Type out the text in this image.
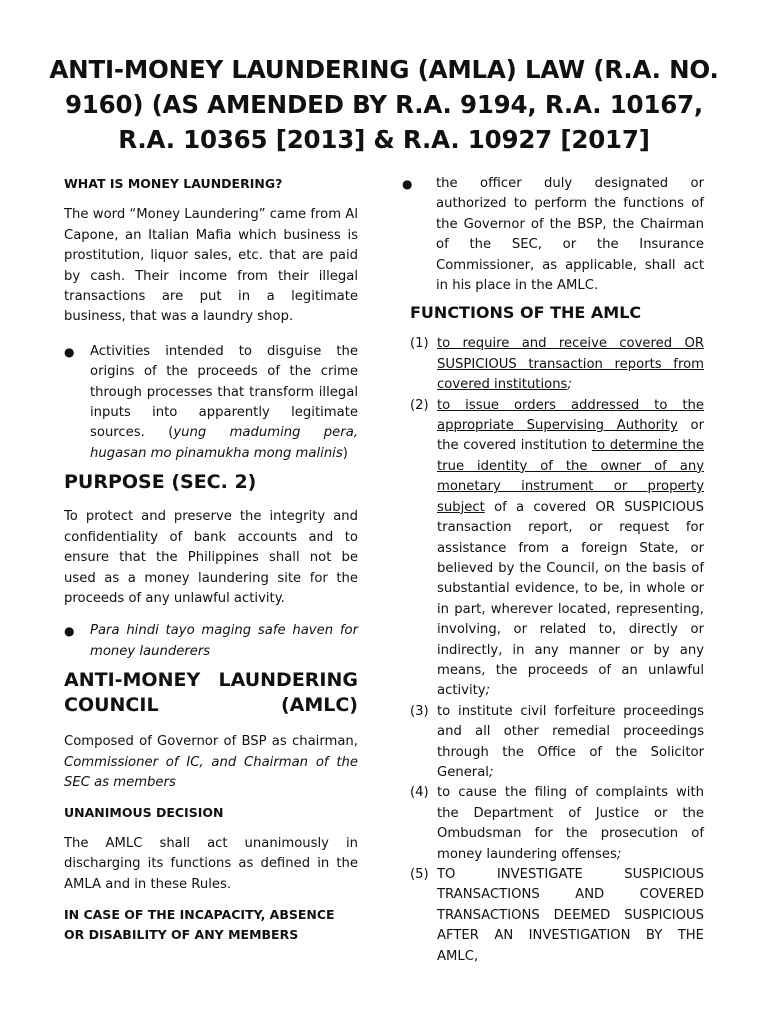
ANTI-MONEY LAUNDERING (AMLA) LAW (R.A. NO. 9160) (AS AMENDED BY R.A. 9194, R.A. 10167, R.A. 10365 [2013] & R.A. 10927 [2017]

WHAT IS MONEY LAUNDERING?

The word “Money Laundering” came from Al Capone, an Italian Mafia which business is prostitution, liquor sales, etc. that are paid by cash. Their income from their illegal transactions are put in a legitimate business, that was a laundry shop.

● Activities intended to disguise the origins of the proceeds of the crime through processes that transform illegal inputs into apparently legitimate sources. (yung maduming pera, hugasan mo pinamukha mong malinis)
PURPOSE (SEC. 2)

To protect and preserve the integrity and confidentiality of bank accounts and to ensure that the Philippines shall not be used as a money laundering site for the proceeds of any unlawful activity.

● Para hindi tayo maging safe haven for money launderers
ANTI-MONEY LAUNDERING COUNCIL (AMLC)

Composed of Governor of BSP as chairman, Commissioner of IC, and Chairman of the SEC as members

UNANIMOUS DECISION

The AMLC shall act unanimously in discharging its functions as defined in the AMLA and in these Rules.

IN CASE OF THE INCAPACITY, ABSENCE OR DISABILITY OF ANY MEMBERS

● the officer duly designated or authorized to perform the functions of the Governor of the BSP, the Chairman of the SEC, or the Insurance Commissioner, as applicable, shall act in his place in the AMLC.
FUNCTIONS OF THE AMLC
(1) to require and receive covered OR SUSPICIOUS transaction reports from covered institutions;
(2) to issue orders addressed to the appropriate Supervising Authority or the covered institution to determine the true identity of the owner of any monetary instrument or property subject of a covered OR SUSPICIOUS transaction report, or request for assistance from a foreign State, or believed by the Council, on the basis of substantial evidence, to be, in whole or in part, wherever located, representing, involving, or related to, directly or indirectly, in any manner or by any means, the proceeds of an unlawful activity;
(3) to institute civil forfeiture proceedings and all other remedial proceedings through the Office of the Solicitor General;
(4) to cause the filing of complaints with the Department of Justice or the Ombudsman for the prosecution of money laundering offenses;
(5) TO INVESTIGATE SUSPICIOUS TRANSACTIONS AND COVERED TRANSACTIONS DEEMED SUSPICIOUS AFTER AN INVESTIGATION BY THE AMLC,
